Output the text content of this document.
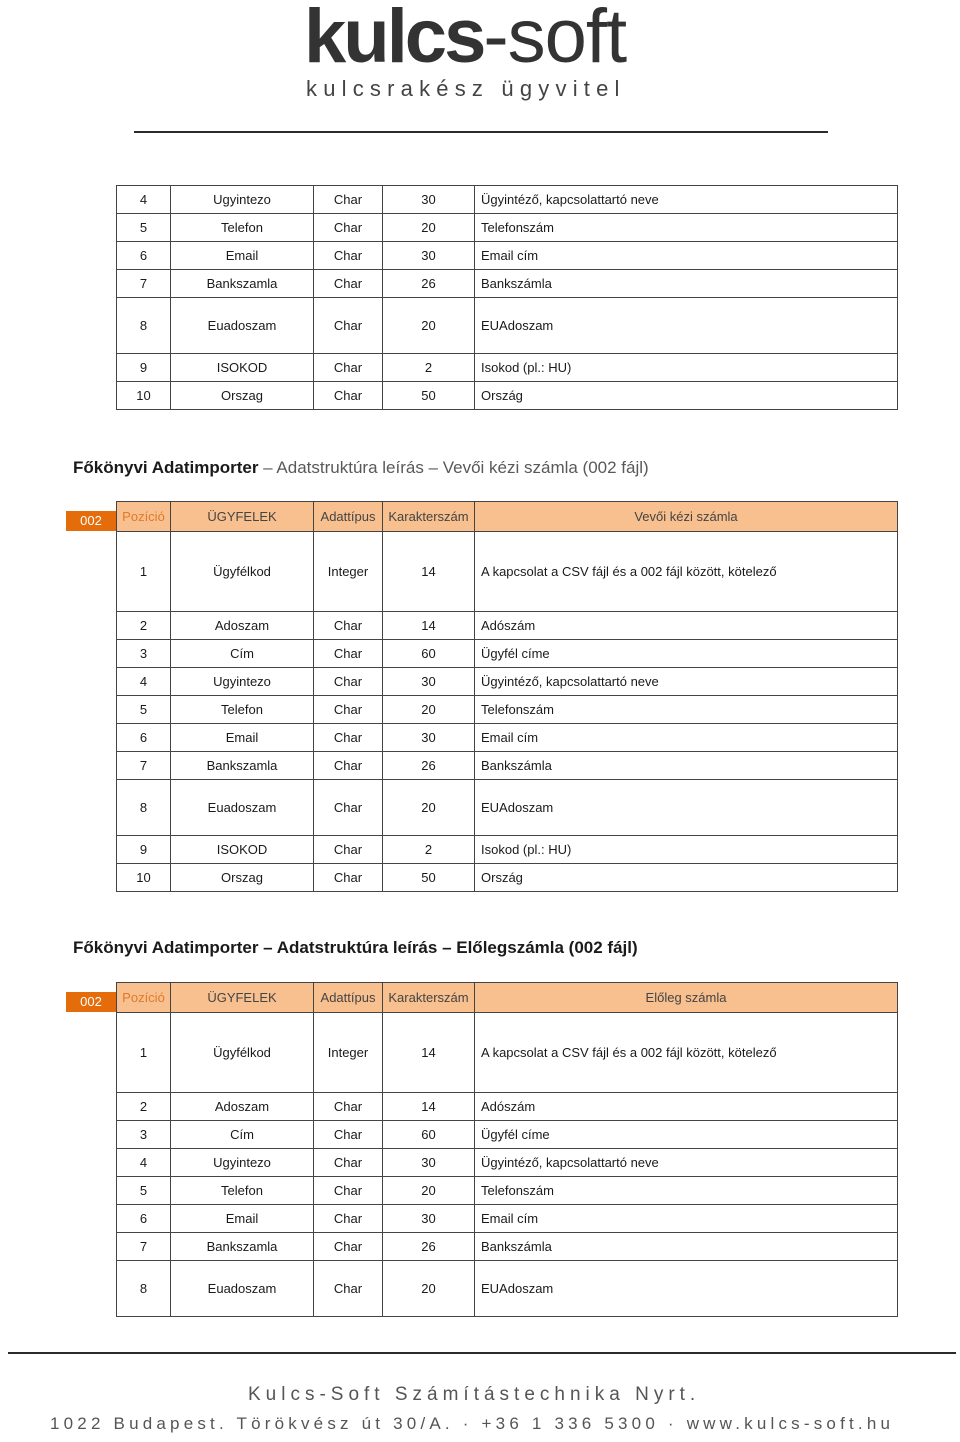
kulcs-soft
kulcsrakész ügyvitel
4	Ugyintezo	Char	30	Ügyintéző, kapcsolattartó neve
5	Telefon	Char	20	Telefonszám
6	Email	Char	30	Email cím
7	Bankszamla	Char	26	Bankszámla
8	Euadoszam	Char	20	EUAdoszam
9	ISOKOD	Char	2	Isokod (pl.: HU)
10	Orszag	Char	50	Ország
Főkönyvi Adatimporter – Adatstruktúra leírás – Vevői kézi számla (002 fájl)
002	Pozíció	ÜGYFELEK	Adattípus	Karakterszám	Vevői kézi számla
1	Ügyfélkod	Integer	14	A kapcsolat a CSV fájl és a 002 fájl között, kötelező
2	Adoszam	Char	14	Adószám
3	Cím	Char	60	Ügyfél címe
4	Ugyintezo	Char	30	Ügyintéző, kapcsolattartó neve
5	Telefon	Char	20	Telefonszám
6	Email	Char	30	Email cím
7	Bankszamla	Char	26	Bankszámla
8	Euadoszam	Char	20	EUAdoszam
9	ISOKOD	Char	2	Isokod (pl.: HU)
10	Orszag	Char	50	Ország
Főkönyvi Adatimporter – Adatstruktúra leírás – Előlegszámla (002 fájl)
002	Pozíció	ÜGYFELEK	Adattípus	Karakterszám	Előleg számla
1	Ügyfélkod	Integer	14	A kapcsolat a CSV fájl és a 002 fájl között, kötelező
2	Adoszam	Char	14	Adószám
3	Cím	Char	60	Ügyfél címe
4	Ugyintezo	Char	30	Ügyintéző, kapcsolattartó neve
5	Telefon	Char	20	Telefonszám
6	Email	Char	30	Email cím
7	Bankszamla	Char	26	Bankszámla
8	Euadoszam	Char	20	EUAdoszam
Kulcs-Soft Számítástechnika Nyrt.
1022 Budapest. Törökvész út 30/A. · +36 1 336 5300 · www.kulcs-soft.hu
